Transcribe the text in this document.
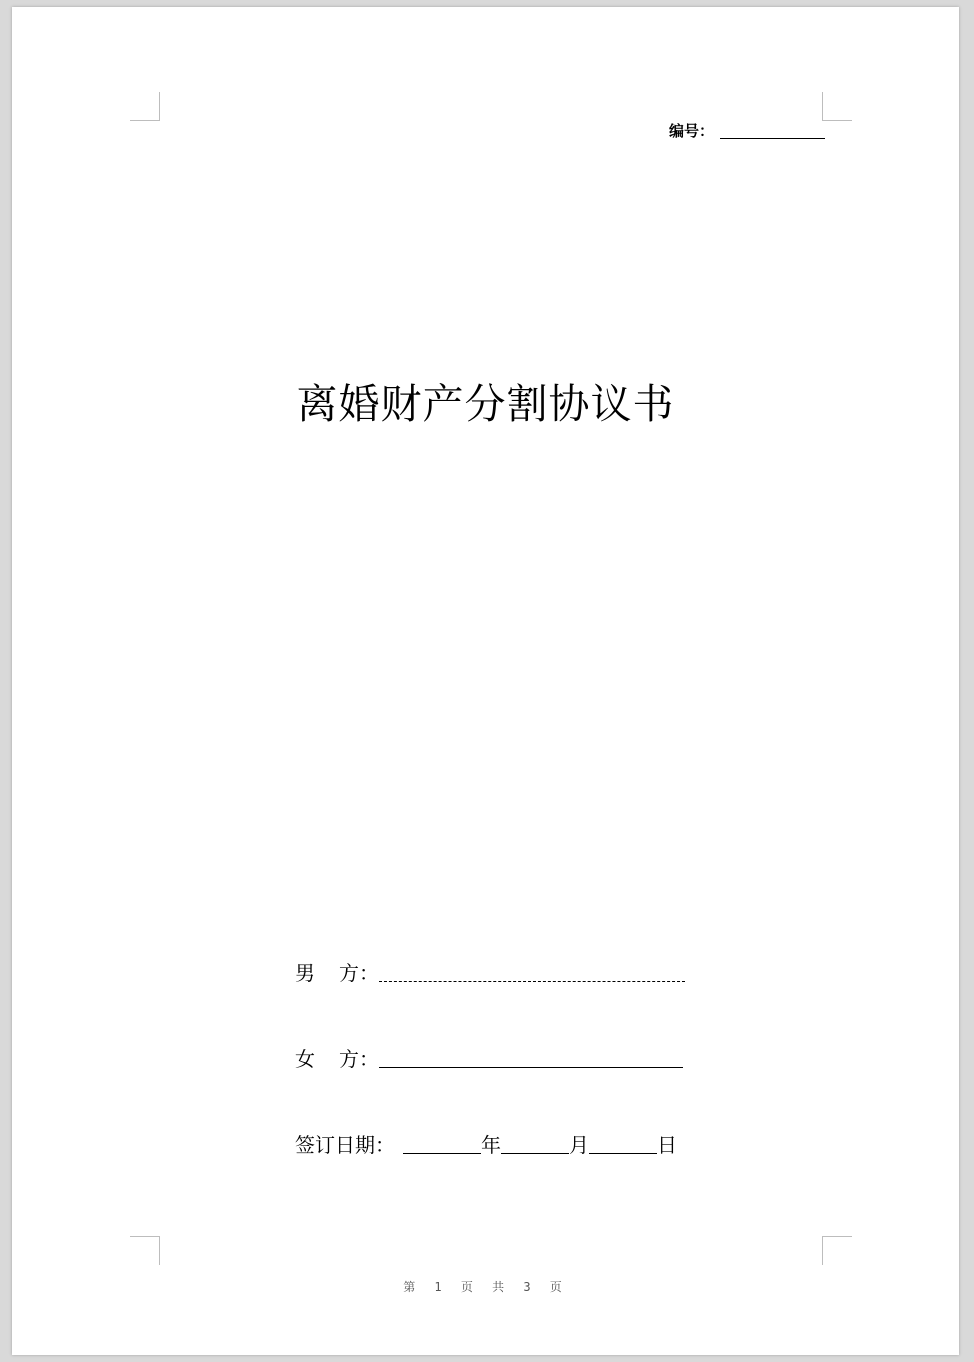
编号：
离婚财产分割协议书
男 方：
女 方：
签订日期：	年	月	日
第 1 页 共 3 页
